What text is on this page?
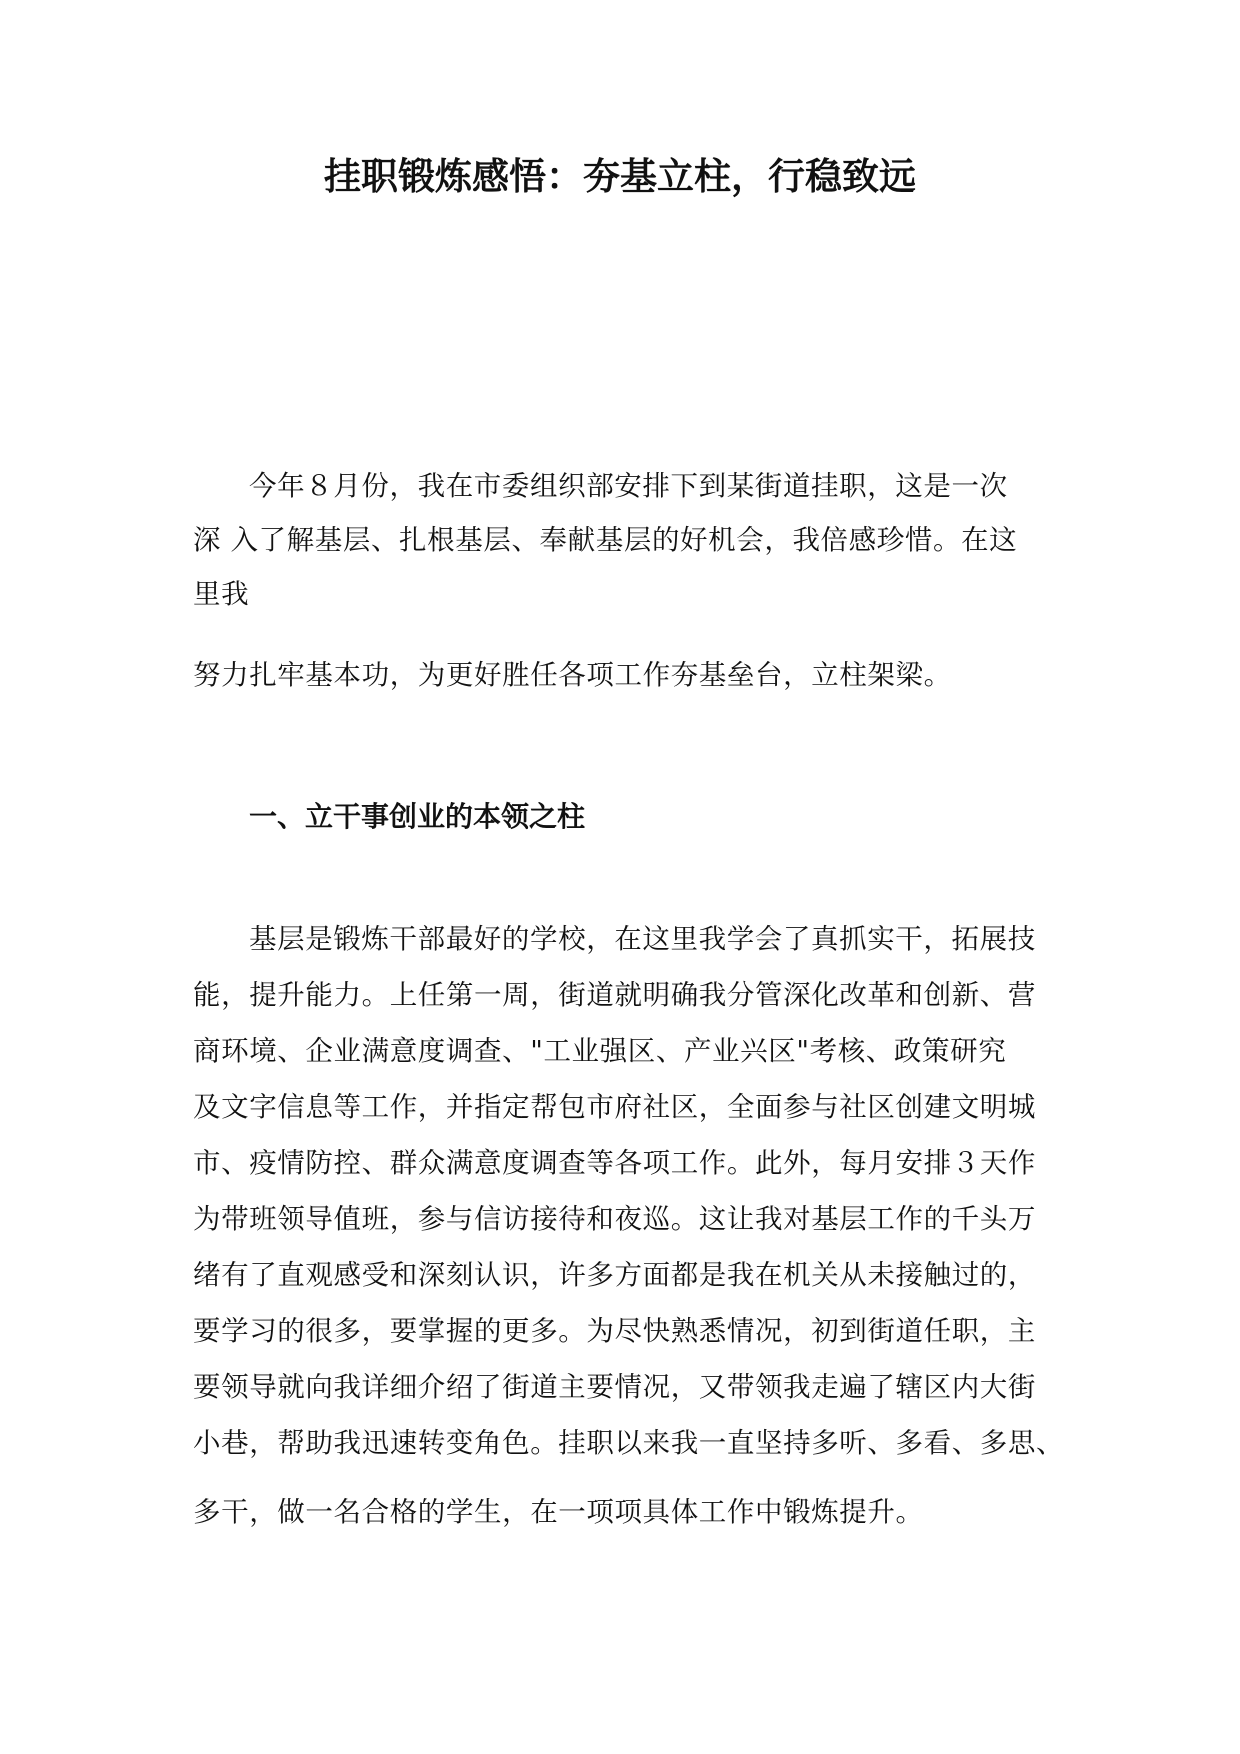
挂职锻炼感悟：夯基立柱，行稳致远
今年８月份，我在市委组织部安排下到某街道挂职，这是一次
深 入了解基层、扎根基层、奉献基层的好机会，我倍感珍惜。在这
里我
努力扎牢基本功，为更好胜任各项工作夯基垒台，立柱架梁。
一、立干事创业的本领之柱
基层是锻炼干部最好的学校，在这里我学会了真抓实干，拓展技
能，提升能力。上任第一周，街道就明确我分管深化改革和创新、营
商环境、企业满意度调查、"工业强区、产业兴区"考核、政策研究
及文字信息等工作，并指定帮包市府社区，全面参与社区创建文明城
市、疫情防控、群众满意度调查等各项工作。此外，每月安排３天作
为带班领导值班，参与信访接待和夜巡。这让我对基层工作的千头万
绪有了直观感受和深刻认识，许多方面都是我在机关从未接触过的，
要学习的很多，要掌握的更多。为尽快熟悉情况，初到街道任职，主
要领导就向我详细介绍了街道主要情况，又带领我走遍了辖区内大街
小巷，帮助我迅速转变角色。挂职以来我一直坚持多听、多看、多思、
多干，做一名合格的学生，在一项项具体工作中锻炼提升。
